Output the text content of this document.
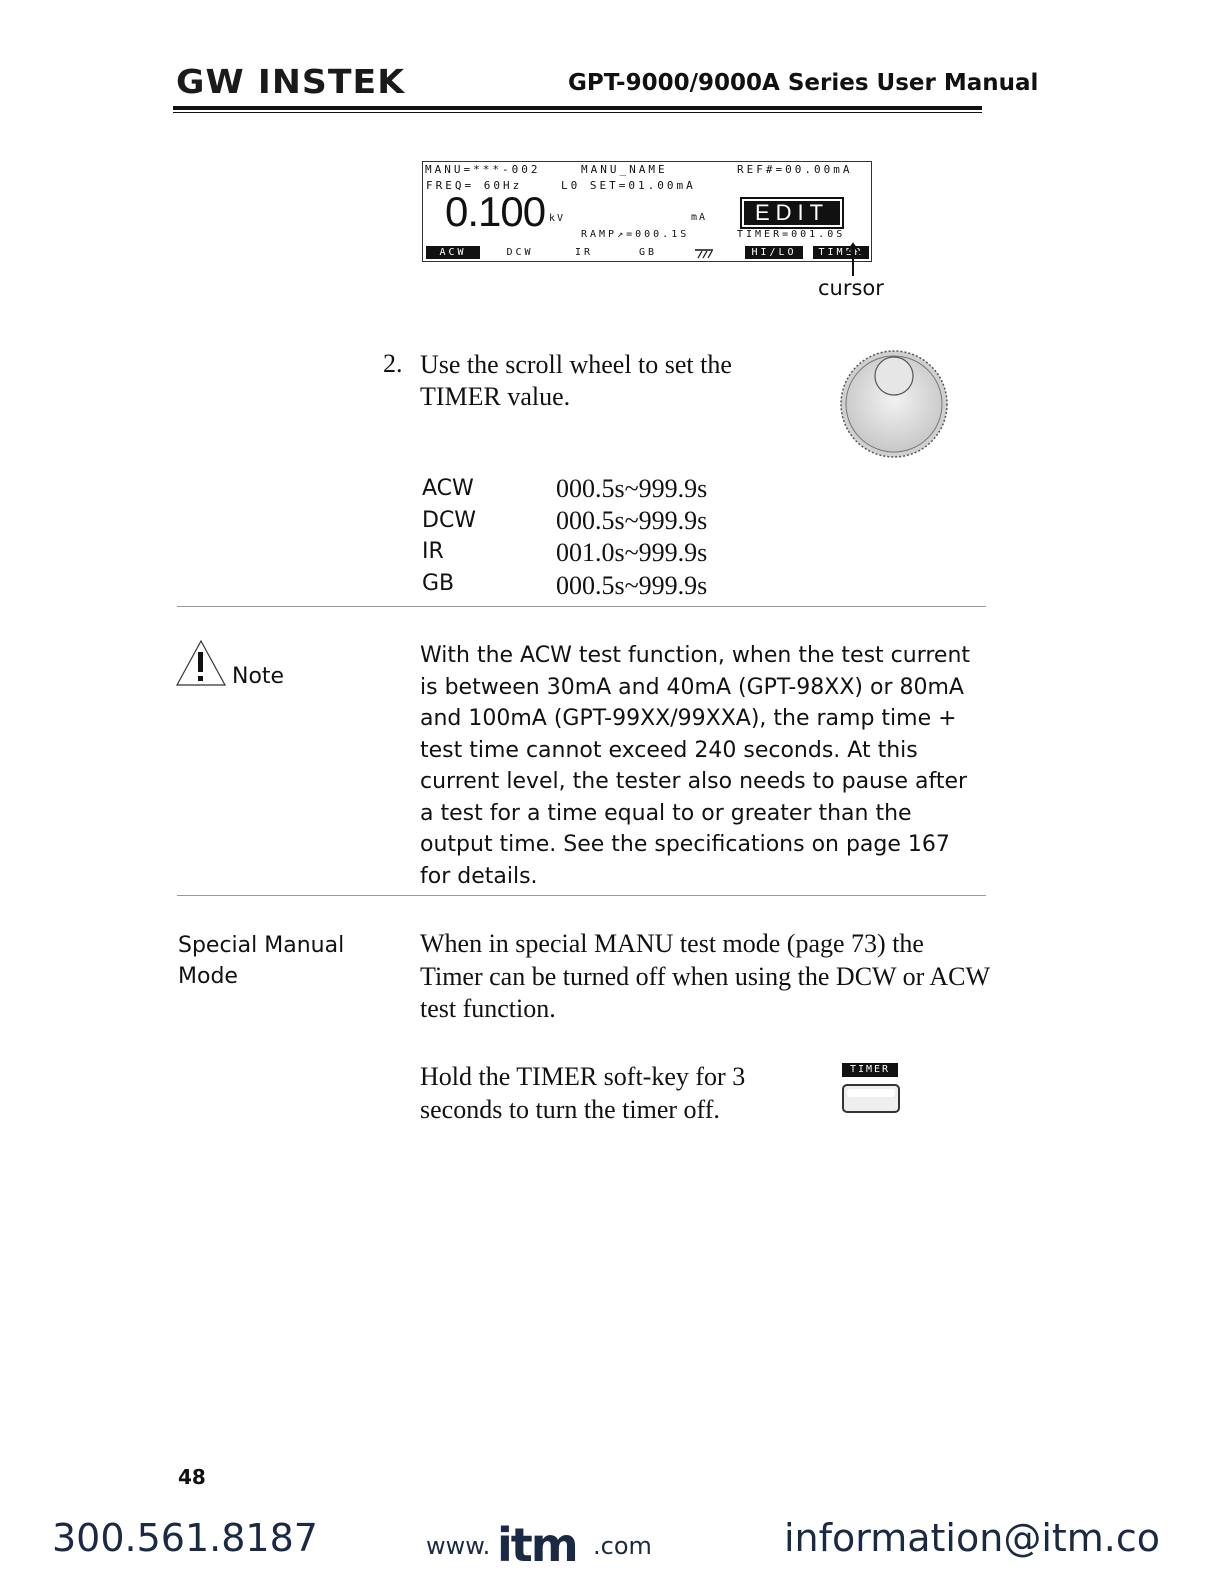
GW INSTEK	GPT-9000/9000A Series User Manual
MANU=***-002	MANU_NAME	REF#=00.00mA
FREQ= 60Hz	L0 SET=01.00mA
0.100 kV	mA	EDIT
RAMP↗=000.1S	TIMER=001.0S
ACW	DCW	IR	GB	HI/LO	TIMER
cursor
2. Use the scroll wheel to set the TIMER value.
ACW	000.5s~999.9s
DCW	000.5s~999.9s
IR	001.0s~999.9s
GB	000.5s~999.9s
Note
With the ACW test function, when the test current is between 30mA and 40mA (GPT-98XX) or 80mA and 100mA (GPT-99XX/99XXA), the ramp time + test time cannot exceed 240 seconds. At this current level, the tester also needs to pause after a test for a time equal to or greater than the output time. See the specifications on page 167 for details.
Special Manual Mode
When in special MANU test mode (page 73) the Timer can be turned off when using the DCW or ACW test function.
Hold the TIMER soft-key for 3 seconds to turn the timer off.
TIMER
48
300.561.8187	www. itm .com	information@itm.co
